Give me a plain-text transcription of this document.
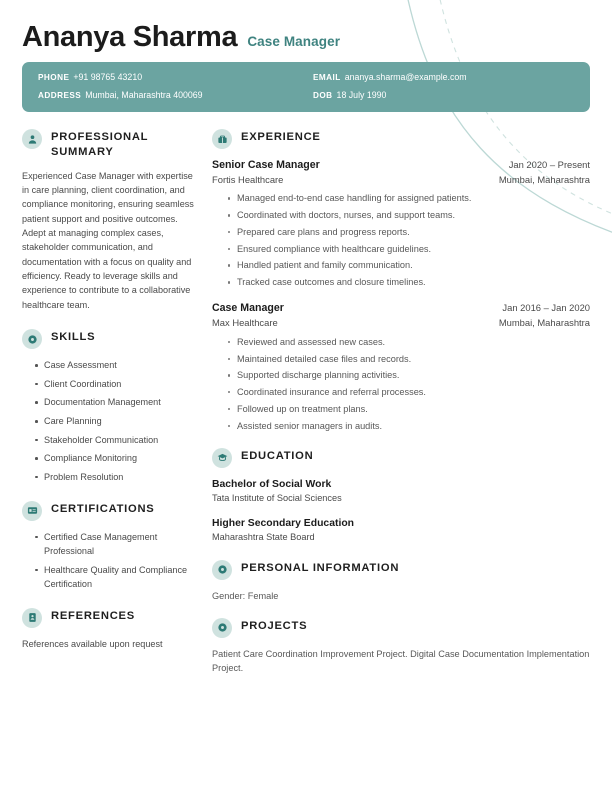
Ananya Sharma Case Manager
PHONE +91 98765 43210
ADDRESS Mumbai, Maharashtra 400069
EMAIL ananya.sharma@example.com
DOB 18 July 1990
PROFESSIONAL SUMMARY
Experienced Case Manager with expertise in care planning, client coordination, and compliance monitoring, ensuring seamless patient support and positive outcomes. Adept at managing complex cases, stakeholder communication, and documentation with a focus on quality and efficiency. Ready to leverage skills and experience to contribute to a collaborative healthcare team.
SKILLS
Case Assessment
Client Coordination
Documentation Management
Care Planning
Stakeholder Communication
Compliance Monitoring
Problem Resolution
CERTIFICATIONS
Certified Case Management Professional
Healthcare Quality and Compliance Certification
REFERENCES
References available upon request
EXPERIENCE
Senior Case Manager	Jan 2020 – Present
Fortis Healthcare	Mumbai, Maharashtra
Managed end-to-end case handling for assigned patients.
Coordinated with doctors, nurses, and support teams.
Prepared care plans and progress reports.
Ensured compliance with healthcare guidelines.
Handled patient and family communication.
Tracked case outcomes and closure timelines.
Case Manager	Jan 2016 – Jan 2020
Max Healthcare	Mumbai, Maharashtra
Reviewed and assessed new cases.
Maintained detailed case files and records.
Supported discharge planning activities.
Coordinated insurance and referral processes.
Followed up on treatment plans.
Assisted senior managers in audits.
EDUCATION
Bachelor of Social Work
Tata Institute of Social Sciences
Higher Secondary Education
Maharashtra State Board
PERSONAL INFORMATION
Gender: Female
PROJECTS
Patient Care Coordination Improvement Project. Digital Case Documentation Implementation Project.
